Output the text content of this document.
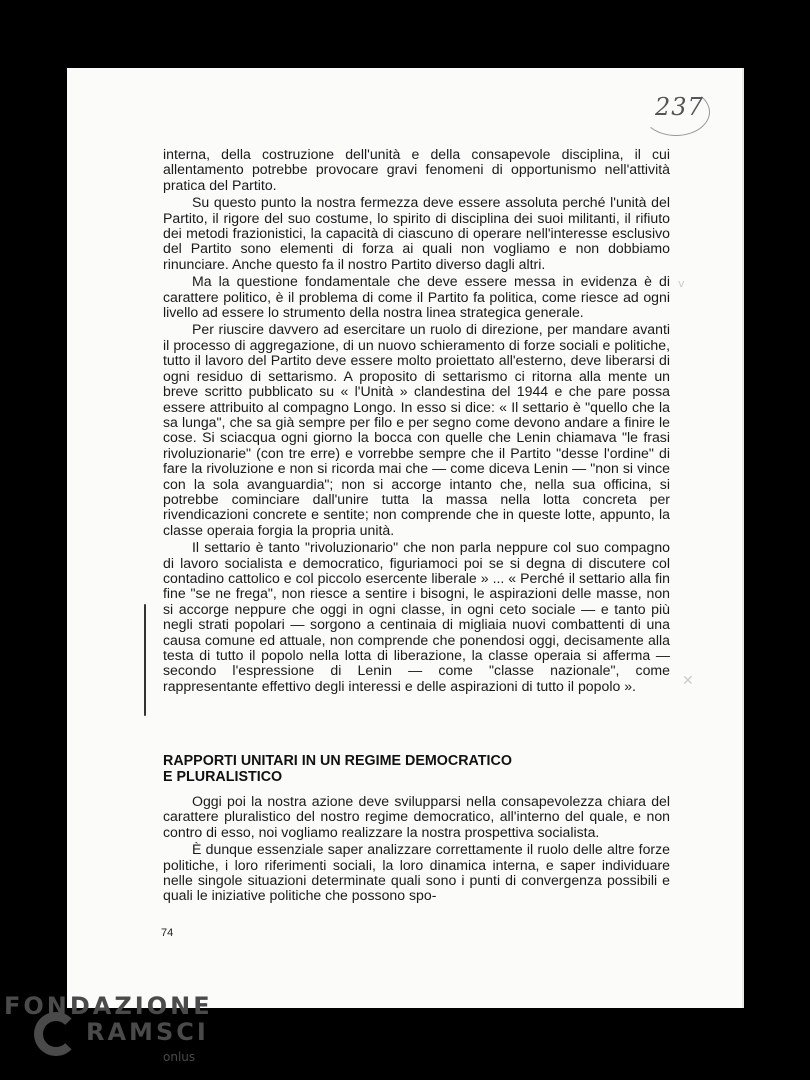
237

interna, della costruzione dell'unità e della consapevole disciplina, il cui allentamento potrebbe provocare gravi fenomeni di opportunismo nell'attività pratica del Partito.

Su questo punto la nostra fermezza deve essere assoluta perché l'unità del Partito, il rigore del suo costume, lo spirito di disciplina dei suoi militanti, il rifiuto dei metodi frazionistici, la capacità di ciascuno di operare nell'interesse esclusivo del Partito sono elementi di forza ai quali non vogliamo e non dobbiamo rinunciare. Anche questo fa il nostro Partito diverso dagli altri.

Ma la questione fondamentale che deve essere messa in evidenza è di carattere politico, è il problema di come il Partito fa politica, come riesce ad ogni livello ad essere lo strumento della nostra linea strategica generale.

Per riuscire davvero ad esercitare un ruolo di direzione, per mandare avanti il processo di aggregazione, di un nuovo schieramento di forze sociali e politiche, tutto il lavoro del Partito deve essere molto proiettato all'esterno, deve liberarsi di ogni residuo di settarismo. A proposito di settarismo ci ritorna alla mente un breve scritto pubblicato su « l'Unità » clandestina del 1944 e che pare possa essere attribuito al compagno Longo. In esso si dice: « Il settario è "quello che la sa lunga", che sa già sempre per filo e per segno come devono andare a finire le cose. Si sciacqua ogni giorno la bocca con quelle che Lenin chiamava "le frasi rivoluzionarie" (con tre erre) e vorrebbe sempre che il Partito "desse l'ordine" di fare la rivoluzione e non si ricorda mai che — come diceva Lenin — "non si vince con la sola avanguardia"; non si accorge intanto che, nella sua officina, si potrebbe cominciare dall'unire tutta la massa nella lotta concreta per rivendicazioni concrete e sentite; non comprende che in queste lotte, appunto, la classe operaia forgia la propria unità.

Il settario è tanto "rivoluzionario" che non parla neppure col suo compagno di lavoro socialista e democratico, figuriamoci poi se si degna di discutere col contadino cattolico e col piccolo esercente liberale » ... « Perché il settario alla fin fine "se ne frega", non riesce a sentire i bisogni, le aspirazioni delle masse, non si accorge neppure che oggi in ogni classe, in ogni ceto sociale — e tanto più negli strati popolari — sorgono a centinaia di migliaia nuovi combattenti di una causa comune ed attuale, non comprende che ponendosi oggi, decisamente alla testa di tutto il popolo nella lotta di liberazione, la classe operaia si afferma — secondo l'espressione di Lenin — come "classe nazionale", come rappresentante effettivo degli interessi e delle aspirazioni di tutto il popolo ».	✕
ⅴ
RAPPORTI UNITARI IN UN REGIME DEMOCRATICO
E PLURALISTICO

Oggi poi la nostra azione deve svilupparsi nella consapevolezza chiara del carattere pluralistico del nostro regime democratico, all'interno del quale, e non contro di esso, noi vogliamo realizzare la nostra prospettiva socialista.

È dunque essenziale saper analizzare correttamente il ruolo delle altre forze politiche, i loro riferimenti sociali, la loro dinamica interna, e saper individuare nelle singole situazioni determinate quali sono i punti di convergenza possibili e quali le iniziative politiche che possono spo-

74
FONDAZIONE
RAMSCI
onlus
